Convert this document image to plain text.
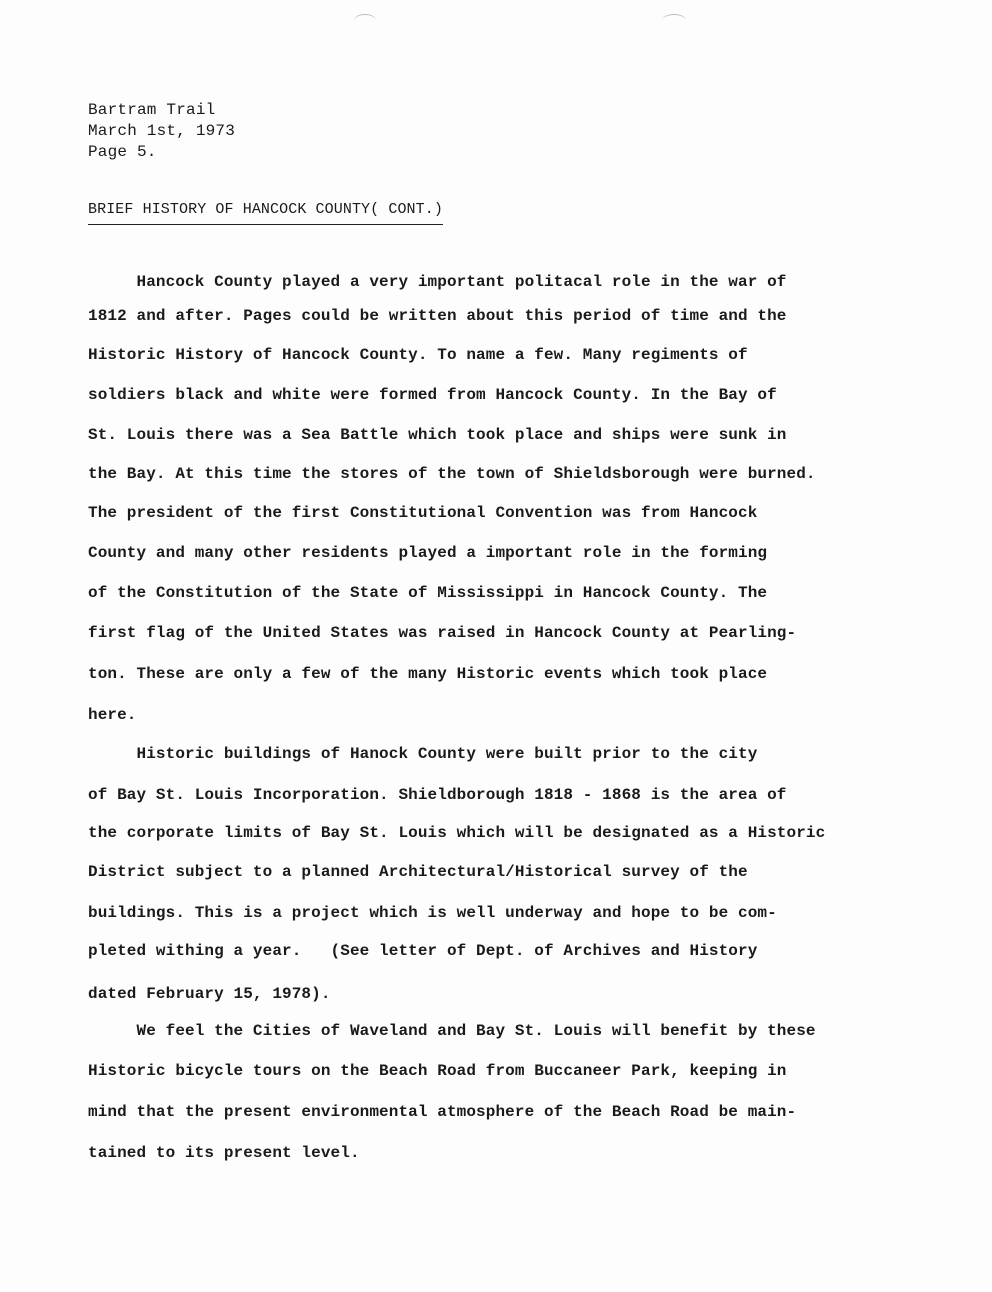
Bartram Trail
March 1st, 1973
Page 5.
BRIEF HISTORY OF HANCOCK COUNTY( CONT.)
Hancock County played a very important politacal role in the war of
1812 and after. Pages could be written about this period of time and the
Historic History of Hancock County. To name a few. Many regiments of
soldiers black and white were formed from Hancock County. In the Bay of
St. Louis there was a Sea Battle which took place and ships were sunk in
the Bay. At this time the stores of the town of Shieldsborough were burned.
The president of the first Constitutional Convention was from Hancock
County and many other residents played a important role in the forming
of the Constitution of the State of Mississippi in Hancock County. The
first flag of the United States was raised in Hancock County at Pearling-
ton. These are only a few of the many Historic events which took place
here.
Historic buildings of Hanock County were built prior to the city
of Bay St. Louis Incorporation. Shieldborough 1818 - 1868 is the area of
the corporate limits of Bay St. Louis which will be designated as a Historic
District subject to a planned Architectural/Historical survey of the
buildings. This is a project which is well underway and hope to be com-
pleted withing a year.   (See letter of Dept. of Archives and History
dated February 15, 1978).
We feel the Cities of Waveland and Bay St. Louis will benefit by these
Historic bicycle tours on the Beach Road from Buccaneer Park, keeping in
mind that the present environmental atmosphere of the Beach Road be main-
tained to its present level.
